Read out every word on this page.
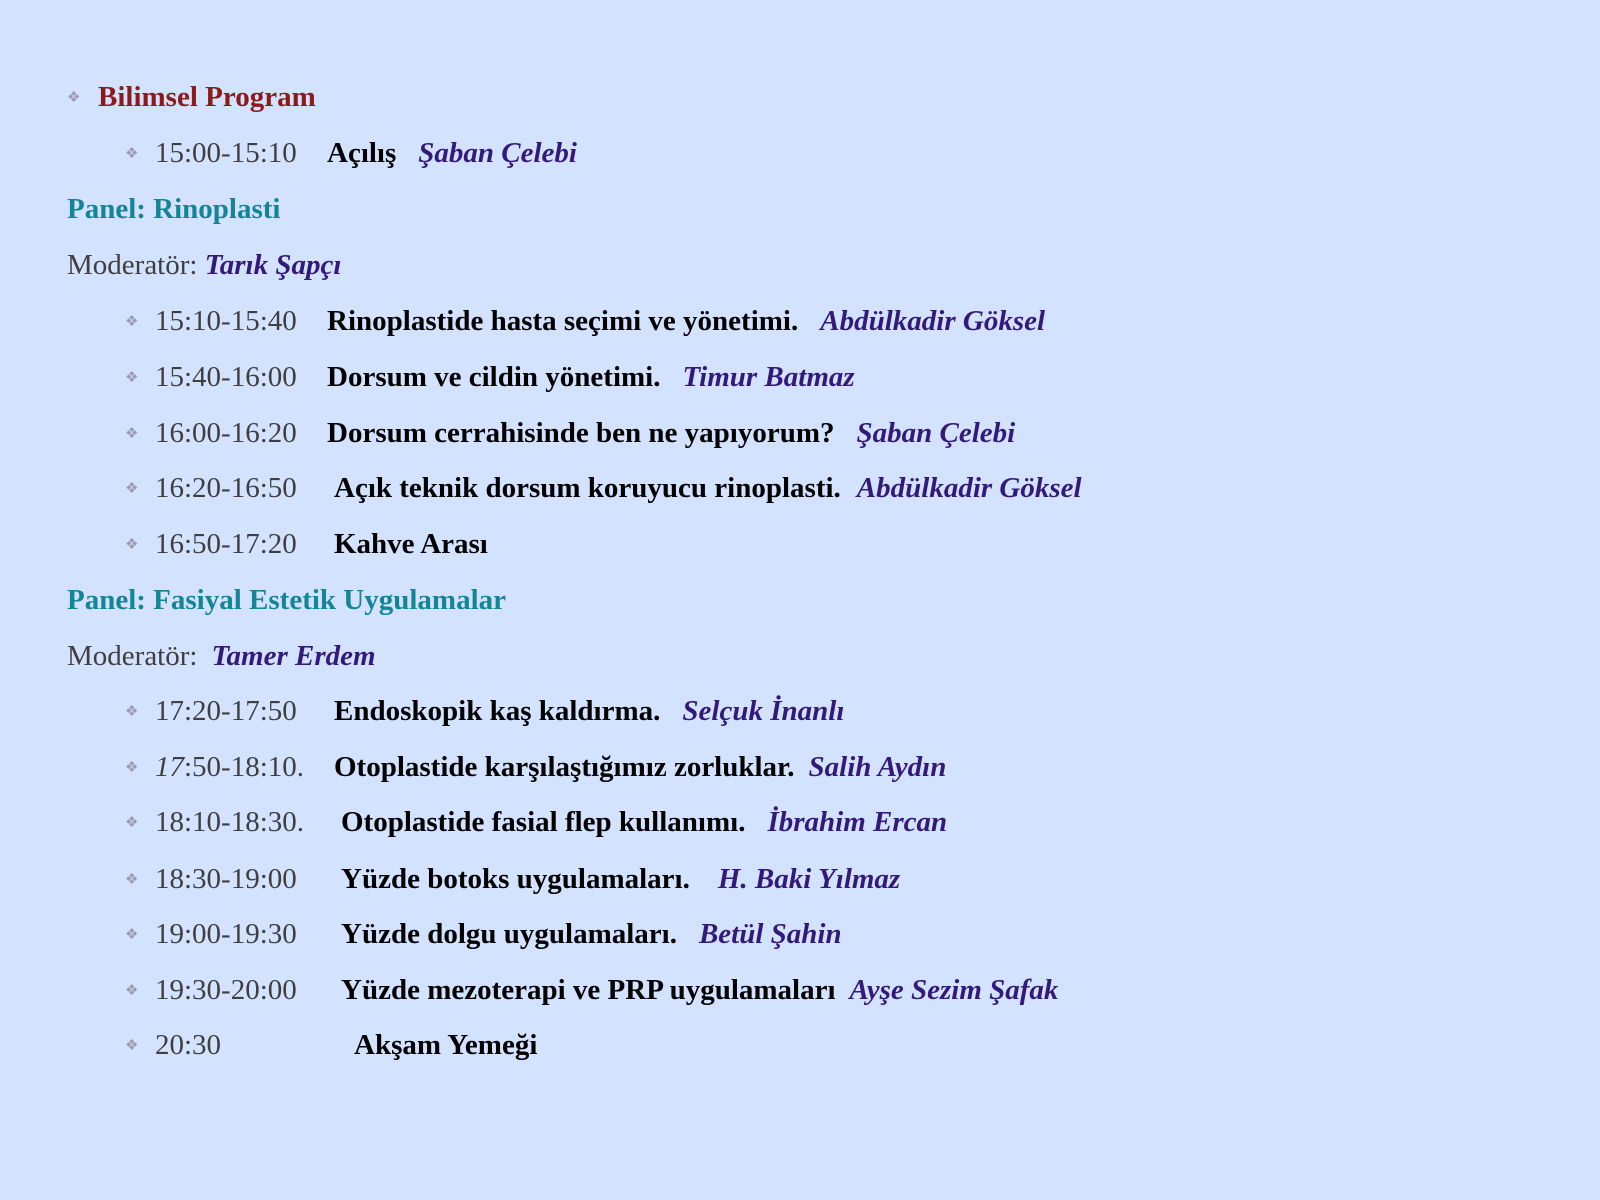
❖ Bilimsel Program
❖ 15:00-15:10 Açılış Şaban Çelebi
Panel: Rinoplasti
Moderatör: Tarık Şapçı
❖ 15:10-15:40 Rinoplastide hasta seçimi ve yönetimi. Abdülkadir Göksel
❖ 15:40-16:00 Dorsum ve cildin yönetimi. Timur Batmaz
❖ 16:00-16:20 Dorsum cerrahisinde ben ne yapıyorum? Şaban Çelebi
❖ 16:20-16:50 Açık teknik dorsum koruyucu rinoplasti. Abdülkadir Göksel
❖ 16:50-17:20 Kahve Arası
Panel: Fasiyal Estetik Uygulamalar
Moderatör: Tamer Erdem
❖ 17:20-17:50 Endoskopik kaş kaldırma. Selçuk İnanlı
❖ 17:50-18:10. Otoplastide karşılaştığımız zorluklar. Salih Aydın
❖ 18:10-18:30. Otoplastide fasial flep kullanımı. İbrahim Ercan
❖ 18:30-19:00 Yüzde botoks uygulamaları. H. Baki Yılmaz
❖ 19:00-19:30 Yüzde dolgu uygulamaları. Betül Şahin
❖ 19:30-20:00 Yüzde mezoterapi ve PRP uygulamaları Ayşe Sezim Şafak
❖ 20:30	Akşam Yemeği
